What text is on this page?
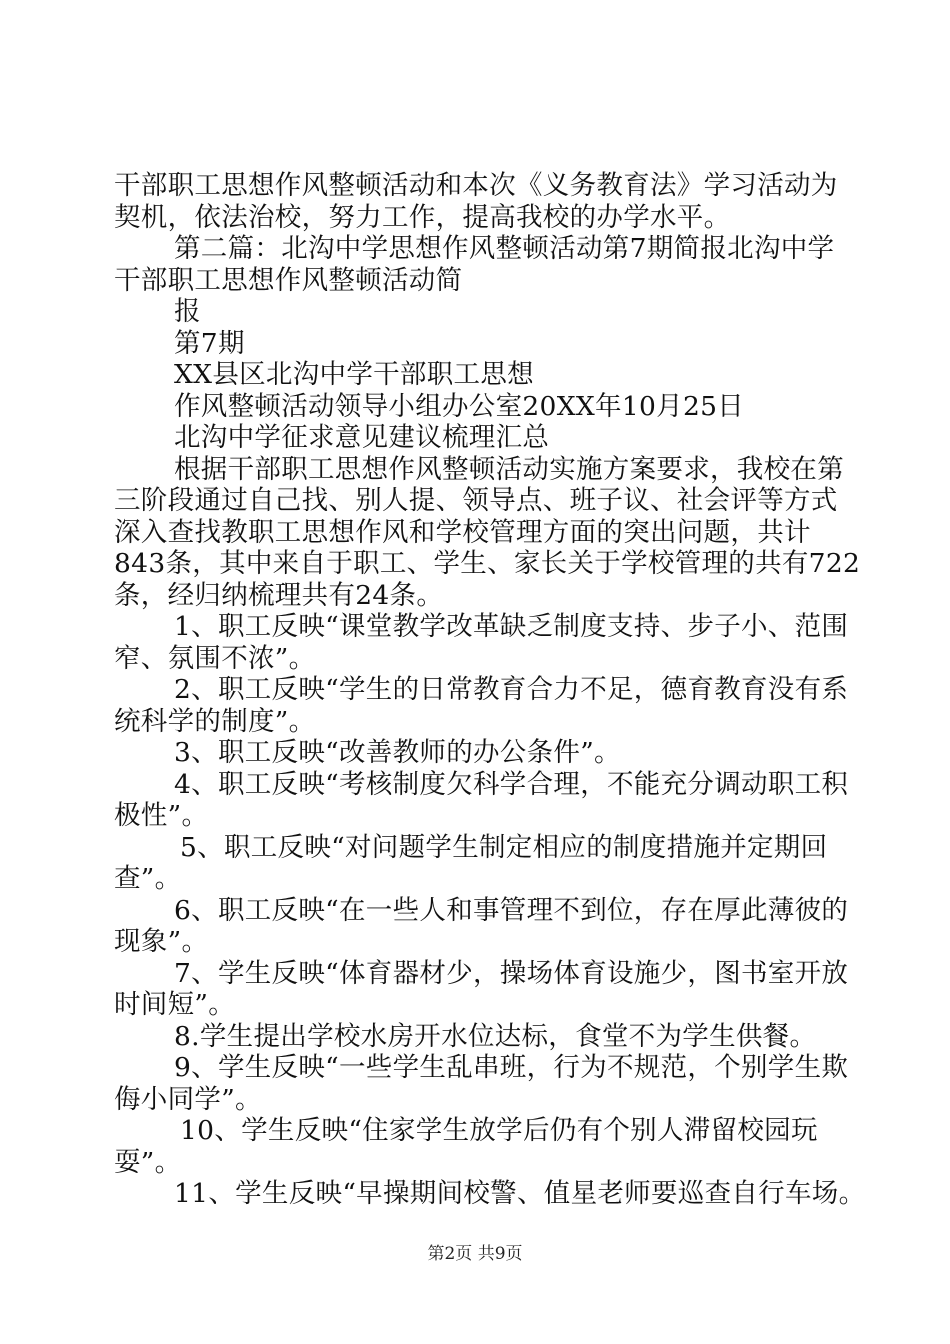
干部职工思想作风整顿活动和本次《义务教育法》学习活动为
契机，依法治校，努力工作，提高我校的办学水平。
第二篇：北沟中学思想作风整顿活动第7期简报北沟中学
干部职工思想作风整顿活动简
报
第7期
XX县区北沟中学干部职工思想
作风整顿活动领导小组办公室20XX年10月25日
北沟中学征求意见建议梳理汇总
根据干部职工思想作风整顿活动实施方案要求，我校在第
三阶段通过自己找、别人提、领导点、班子议、社会评等方式
深入查找教职工思想作风和学校管理方面的突出问题，共计
843条，其中来自于职工、学生、家长关于学校管理的共有722
条，经归纳梳理共有24条。
1、职工反映“课堂教学改革缺乏制度支持、步子小、范围
窄、氛围不浓”。
2、职工反映“学生的日常教育合力不足，德育教育没有系
统科学的制度”。
3、职工反映“改善教师的办公条件”。
4、职工反映“考核制度欠科学合理，不能充分调动职工积
极性”。
5、职工反映“对问题学生制定相应的制度措施并定期回
查”。
6、职工反映“在一些人和事管理不到位，存在厚此薄彼的
现象”。
7、学生反映“体育器材少，操场体育设施少，图书室开放
时间短”。
8.学生提出学校水房开水位达标，食堂不为学生供餐。
9、学生反映“一些学生乱串班，行为不规范，个别学生欺
侮小同学”。
10、学生反映“住家学生放学后仍有个别人滞留校园玩
耍”。
11、学生反映“早操期间校警、值星老师要巡查自行车场。
第2页 共9页
